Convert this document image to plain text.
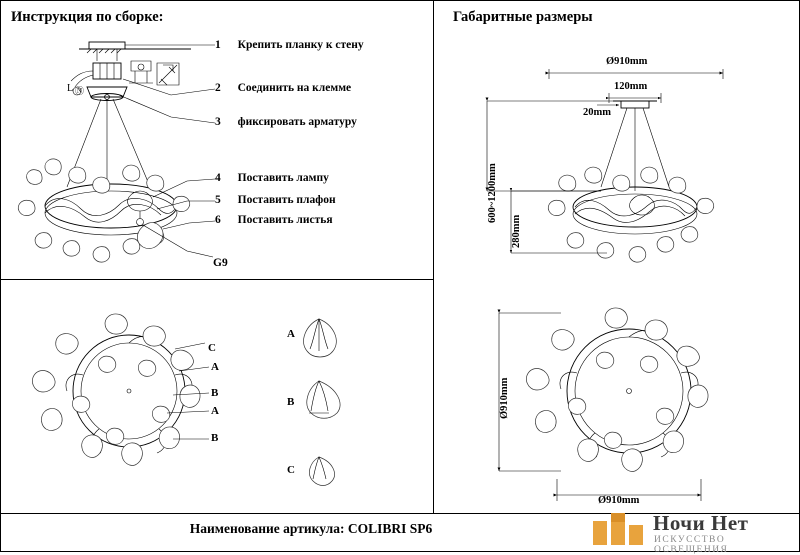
Инструкция по сборке:	Габаритные размеры
L Ⓝ
1 Крепить планку к стену
2 Соединить на клемме
3 фиксировать арматуру
4 Поставить лампу
5 Поставить плафон
6 Поставить листья
G9
A
B
C
C
A
B
A
B
Ø910mm
120mm
20mm
600~1200mm
280mm
Ø910mm
Ø910mm
Наименование артикула: COLIBRI SP6	Ночи Нет
ИСКУССТВО ОСВЕЩЕНИЯ
